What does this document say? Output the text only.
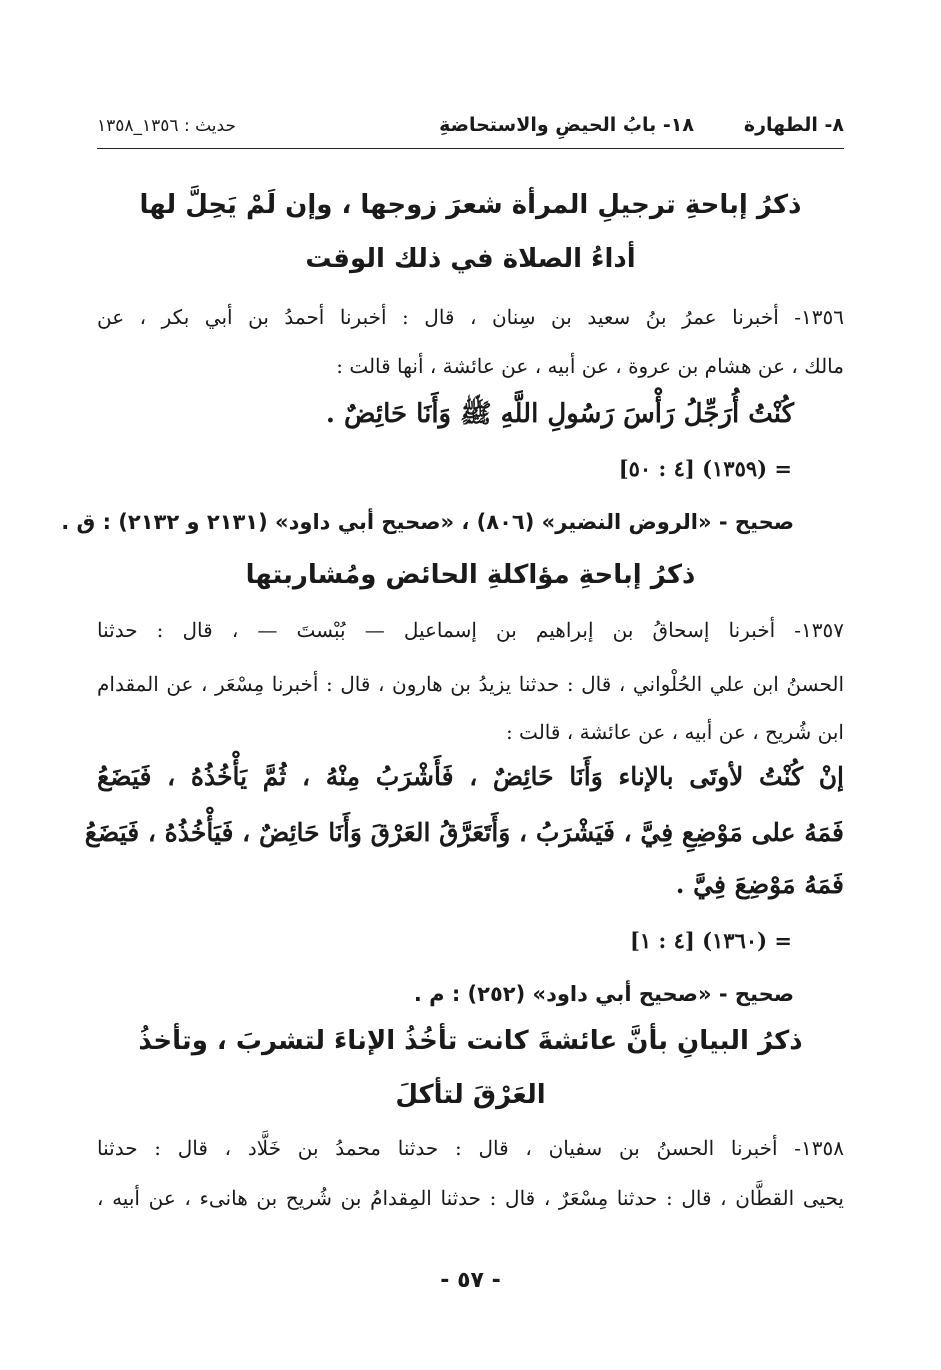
٨- الطهارة
١٨- بابُ الحيضِ والاستحاضةِ
حديث : ١٣٥٦_١٣٥٨
ذكرُ إباحةِ ترجيلِ المرأة شعرَ زوجها ، وإن لَمْ يَحِلَّ لها
أداءُ الصلاة في ذلك الوقت
١٣٥٦- أخبرنا عمرُ بنُ سعيد بن سِنان ، قال : أخبرنا أحمدُ بن أبي بكر ، عن
مالك ، عن هشام بن عروة ، عن أبيه ، عن عائشة ، أنها قالت :
كُنْتُ أُرَجِّلُ رَأْسَ رَسُولِ اللَّهِ ﷺ وَأَنَا حَائِضٌ .
= (١٣٥٩) [٤ : ٥٠]
صحيح - «الروض النضير» (٨٠٦) ، «صحيح أبي داود» (٢١٣١ و ٢١٣٢) : ق .
ذكرُ إباحةِ مؤاكلةِ الحائض ومُشاربتها
١٣٥٧- أخبرنا إسحاقُ بن إبراهيم بن إسماعيل — بُبْستَ — ، قال : حدثنا
الحسنُ ابن علي الحُلْواني ، قال : حدثنا يزيدُ بن هارون ، قال : أخبرنا مِسْعَر ، عن المقدام
ابن شُريح ، عن أبيه ، عن عائشة ، قالت :
إنْ كُنْتُ لأوتَى بالإناء وَأَنَا حَائِضٌ ، فَأَشْرَبُ مِنْهُ ، ثُمَّ يَأْخُذُهُ ، فَيَضَعُ
فَمَهُ على مَوْضِعِ فِيَّ ، فَيَشْرَبُ ، وَأَتَعَرَّقُ العَرْقَ وَأَنَا حَائِضٌ ، فَيَأْخُذُهُ ، فَيَضَعُ
فَمَهُ مَوْضِعَ فِيَّ .
= (١٣٦٠) [٤ : ١]
صحيح - «صحيح أبي داود» (٢٥٢) : م .
ذكرُ البيانِ بأنَّ عائشةَ كانت تأخُذُ الإناءَ لتشربَ ، وتأخذُ
العَرْقَ لتأكلَ
١٣٥٨- أخبرنا الحسنُ بن سفيان ، قال : حدثنا محمدُ بن خَلَّاد ، قال : حدثنا
يحيى القطَّان ، قال : حدثنا مِسْعَرٌ ، قال : حدثنا المِقدامُ بن شُريح بن هانىء ، عن أبيه ،
- ٥٧ -
